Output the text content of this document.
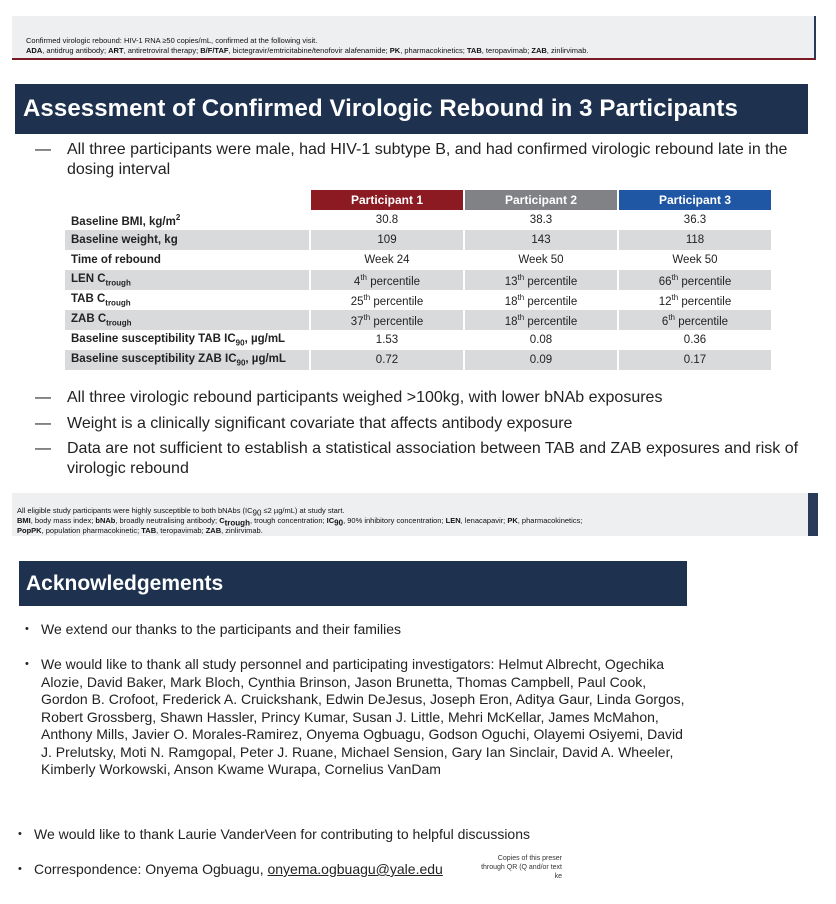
Confirmed virologic rebound: HIV-1 RNA ≥50 copies/mL, confirmed at the following visit.
ADA, antidrug antibody; ART, antiretroviral therapy; B/F/TAF, bictegravir/emtricitabine/tenofovir alafenamide; PK, pharmacokinetics; TAB, teropavimab; ZAB, zinlirvimab.
Assessment of Confirmed Virologic Rebound in 3 Participants
— All three participants were male, had HIV-1 subtype B, and had confirmed virologic rebound late in the dosing interval
	Participant 1	Participant 2	Participant 3
Baseline BMI, $kg/m^2$	30.8	38.3	36.3
Baseline weight, kg	109	143	118
Time of rebound	Week 24	Week 50	Week 50
LEN $C_{trough}$	4th percentile	13th percentile	66th percentile
TAB $C_{trough}$	25th percentile	18th percentile	12th percentile
ZAB $C_{trough}$	37th percentile	18th percentile	6th percentile
Baseline susceptibility TAB $IC_{90}$, µg/mL	1.53	0.08	0.36
Baseline susceptibility ZAB $IC_{90}$, µg/mL	0.72	0.09	0.17
— All three virologic rebound participants weighed >100kg, with lower bNAb exposures
— Weight is a clinically significant covariate that affects antibody exposure
— Data are not sufficient to establish a statistical association between TAB and ZAB exposures and risk of virologic rebound
All eligible study participants were highly susceptible to both bNAbs ($IC_{90} \le 2$ µg/mL) at study start.
BMI, body mass index; bNAb, broadly neutralising antibody; $C_{trough}$, trough concentration; $IC_{90}$, 90% inhibitory concentration; LEN, lenacapavir; PK, pharmacokinetics;
PopPK, population pharmacokinetic; TAB, teropavimab; ZAB, zinlirvimab.
Acknowledgements
• We extend our thanks to the participants and their families
• We would like to thank all study personnel and participating investigators: Helmut Albrecht, Ogechika Alozie, David Baker, Mark Bloch, Cynthia Brinson, Jason Brunetta, Thomas Campbell, Paul Cook, Gordon B. Crofoot, Frederick A. Cruickshank, Edwin DeJesus, Joseph Eron, Aditya Gaur, Linda Gorgos, Robert Grossberg, Shawn Hassler, Princy Kumar, Susan J. Little, Mehri McKellar, James McMahon, Anthony Mills, Javier O. Morales-Ramirez, Onyema Ogbuagu, Godson Oguchi, Olayemi Osiyemi, David J. Prelutsky, Moti N. Ramgopal, Peter J. Ruane, Michael Sension, Gary Ian Sinclair, David A. Wheeler, Kimberly Workowski, Anson Kwame Wurapa, Cornelius VanDam
• We would like to thank Laurie VanderVeen for contributing to helpful discussions
• Correspondence: Onyema Ogbuagu, onyema.ogbuagu@yale.edu
Copies of this preser through QR (Q and/or text ke
